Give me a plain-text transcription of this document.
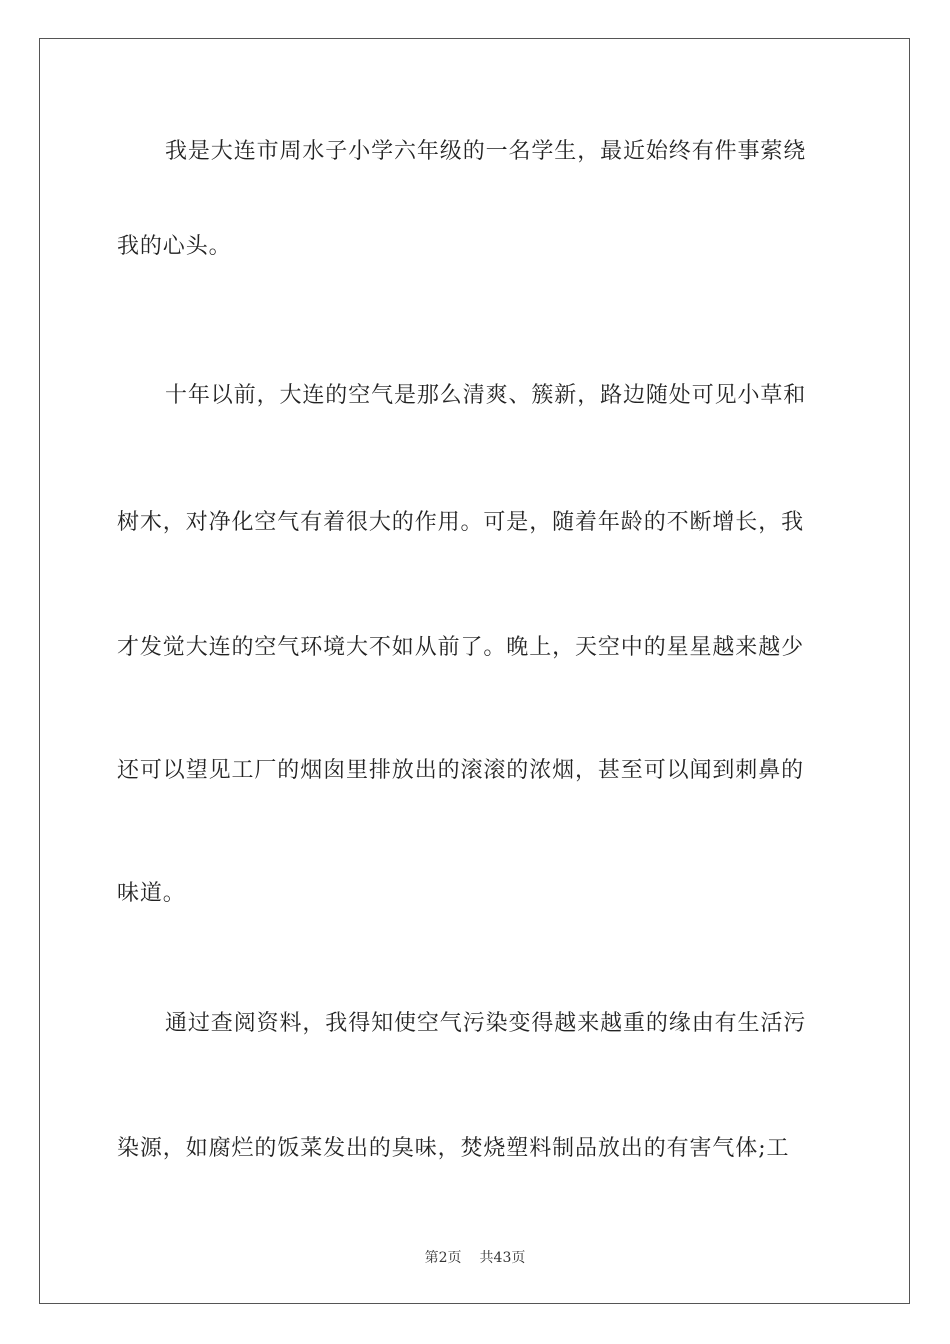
我是大连市周水子小学六年级的一名学生，最近始终有件事萦绕
我的心头。
十年以前，大连的空气是那么清爽、簇新，路边随处可见小草和
树木，对净化空气有着很大的作用。可是，随着年龄的不断增长，我
才发觉大连的空气环境大不如从前了。晚上，天空中的星星越来越少
还可以望见工厂的烟囱里排放出的滚滚的浓烟，甚至可以闻到刺鼻的
味道。
通过查阅资料，我得知使空气污染变得越来越重的缘由有生活污
染源，如腐烂的饭菜发出的臭味，焚烧塑料制品放出的有害气体;工
第2页 共43页
